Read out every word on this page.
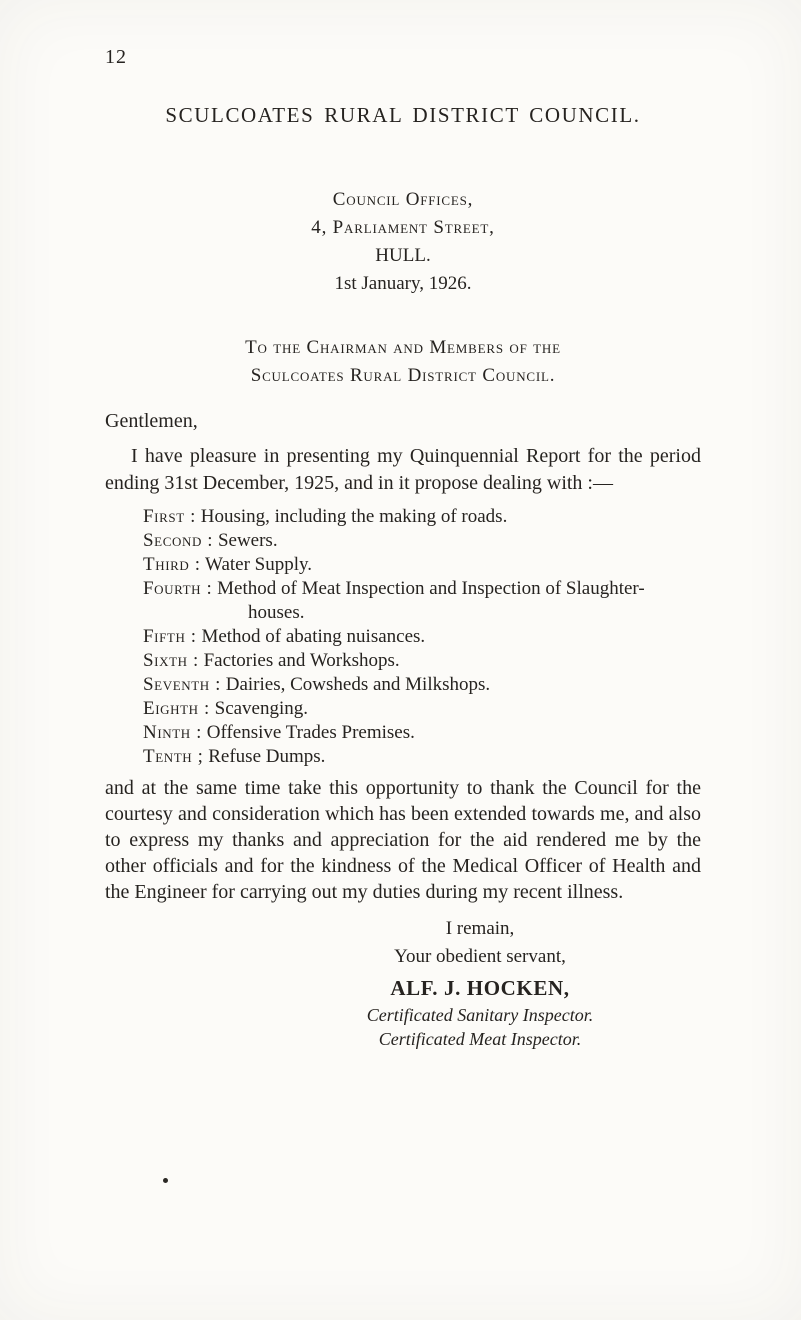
12
SCULCOATES RURAL DISTRICT COUNCIL.
Council Offices,
4, Parliament Street,
HULL.
1st January, 1926.
To the Chairman and Members of the
Sculcoates Rural District Council.
Gentlemen,

I have pleasure in presenting my Quinquennial Report for the period ending 31st December, 1925, and in it propose dealing with :—

First : Housing, including the making of roads.
Second : Sewers.
Third : Water Supply.
Fourth : Method of Meat Inspection and Inspection of Slaughter-houses.
Fifth : Method of abating nuisances.
Sixth : Factories and Workshops.
Seventh : Dairies, Cowsheds and Milkshops.
Eighth : Scavenging.
Ninth : Offensive Trades Premises.
Tenth ; Refuse Dumps.

and at the same time take this opportunity to thank the Council for the courtesy and consideration which has been extended towards me, and also to express my thanks and appreciation for the aid rendered me by the other officials and for the kindness of the Medical Officer of Health and the Engineer for carrying out my duties during my recent illness.

I remain,
Your obedient servant,
ALF. J. HOCKEN,
Certificated Sanitary Inspector.
Certificated Meat Inspector.
